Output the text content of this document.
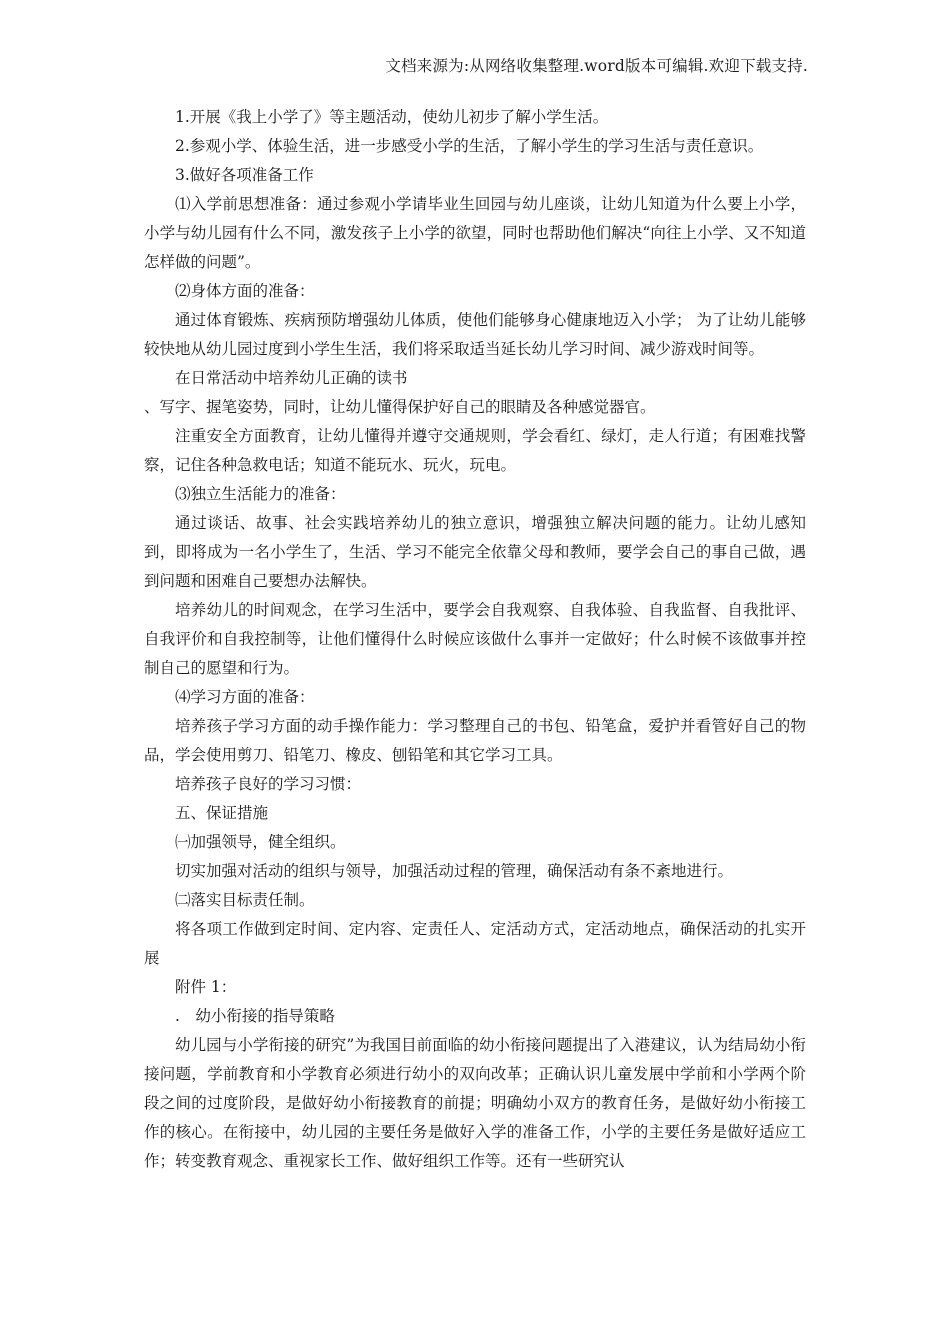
文档来源为:从网络收集整理.word版本可编辑.欢迎下载支持.

1.开展《我上小学了》等主题活动，使幼儿初步了解小学生活。

2.参观小学、体验生活，进一步感受小学的生活，了解小学生的学习生活与责任意识。

3.做好各项准备工作

⑴入学前思想准备：通过参观小学请毕业生回园与幼儿座谈，让幼儿知道为什么要上小学，小学与幼儿园有什么不同，激发孩子上小学的欲望，同时也帮助他们解决“向往上小学、又不知道怎样做的问题”。

⑵身体方面的准备：

通过体育锻炼、疾病预防增强幼儿体质，使他们能够身心健康地迈入小学； 为了让幼儿能够较快地从幼儿园过度到小学生生活，我们将采取适当延长幼儿学习时间、减少游戏时间等。

在日常活动中培养幼儿正确的读书

、写字、握笔姿势，同时，让幼儿懂得保护好自己的眼睛及各种感觉器官。

注重安全方面教育，让幼儿懂得并遵守交通规则，学会看红、绿灯，走人行道；有困难找警察，记住各种急救电话；知道不能玩水、玩火，玩电。

⑶独立生活能力的准备：

通过谈话、故事、社会实践培养幼儿的独立意识，增强独立解决问题的能力。让幼儿感知到，即将成为一名小学生了，生活、学习不能完全依靠父母和教师，要学会自己的事自己做，遇到问题和困难自己要想办法解快。

培养幼儿的时间观念，在学习生活中，要学会自我观察、自我体验、自我监督、自我批评、自我评价和自我控制等，让他们懂得什么时候应该做什么事并一定做好；什么时候不该做事并控制自己的愿望和行为。

⑷学习方面的准备：

培养孩子学习方面的动手操作能力：学习整理自己的书包、铅笔盒，爱护并看管好自己的物品，学会使用剪刀、铅笔刀、橡皮、刨铅笔和其它学习工具。

培养孩子良好的学习习惯：

五、保证措施

㈠加强领导，健全组织。

切实加强对活动的组织与领导，加强活动过程的管理，确保活动有条不紊地进行。

㈡落实目标责任制。

将各项工作做到定时间、定内容、定责任人、定活动方式，定活动地点，确保活动的扎实开展

附件 1：

.　幼小衔接的指导策略

幼儿园与小学衔接的研究”为我国目前面临的幼小衔接问题提出了入港建议，认为结局幼小衔接问题，学前教育和小学教育必须进行幼小的双向改革；正确认识儿童发展中学前和小学两个阶段之间的过度阶段，是做好幼小衔接教育的前提；明确幼小双方的教育任务，是做好幼小衔接工作的核心。在衔接中，幼儿园的主要任务是做好入学的准备工作，小学的主要任务是做好适应工作；转变教育观念、重视家长工作、做好组织工作等。还有一些研究认
